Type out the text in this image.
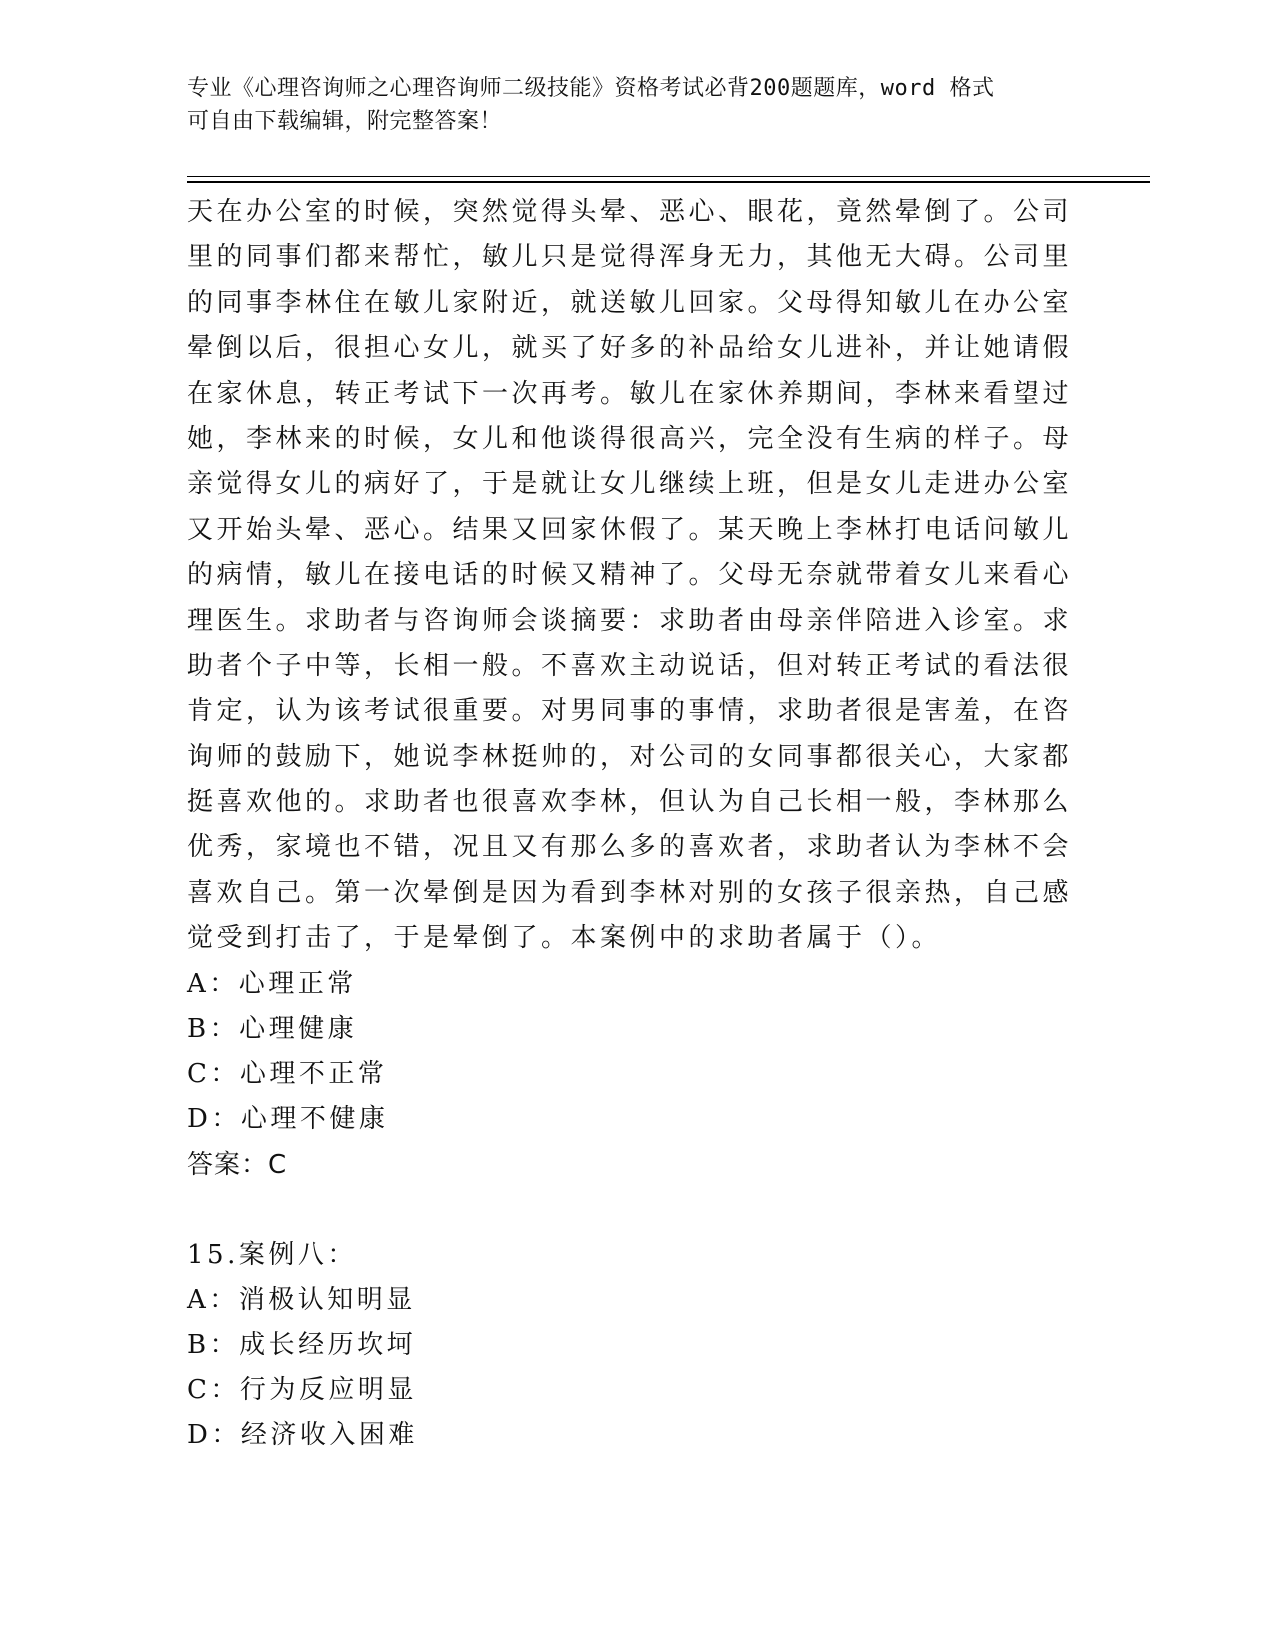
专业《心理咨询师之心理咨询师二级技能》资格考试必背200题题库，word 格式
可自由下载编辑，附完整答案！
天在办公室的时候，突然觉得头晕、恶心、眼花，竟然晕倒了。公司
里的同事们都来帮忙，敏儿只是觉得浑身无力，其他无大碍。公司里
的同事李林住在敏儿家附近，就送敏儿回家。父母得知敏儿在办公室
晕倒以后，很担心女儿，就买了好多的补品给女儿进补，并让她请假
在家休息，转正考试下一次再考。敏儿在家休养期间，李林来看望过
她，李林来的时候，女儿和他谈得很高兴，完全没有生病的样子。母
亲觉得女儿的病好了，于是就让女儿继续上班，但是女儿走进办公室
又开始头晕、恶心。结果又回家休假了。某天晚上李林打电话问敏儿
的病情，敏儿在接电话的时候又精神了。父母无奈就带着女儿来看心
理医生。求助者与咨询师会谈摘要：求助者由母亲伴陪进入诊室。求
助者个子中等，长相一般。不喜欢主动说话，但对转正考试的看法很
肯定，认为该考试很重要。对男同事的事情，求助者很是害羞，在咨
询师的鼓励下，她说李林挺帅的，对公司的女同事都很关心，大家都
挺喜欢他的。求助者也很喜欢李林，但认为自己长相一般，李林那么
优秀，家境也不错，况且又有那么多的喜欢者，求助者认为李林不会
喜欢自己。第一次晕倒是因为看到李林对别的女孩子很亲热，自己感
觉受到打击了，于是晕倒了。本案例中的求助者属于（）。
A：心理正常
B：心理健康
C：心理不正常
D：心理不健康
答案：C
15.案例八：
A：消极认知明显
B：成长经历坎坷
C：行为反应明显
D：经济收入困难
